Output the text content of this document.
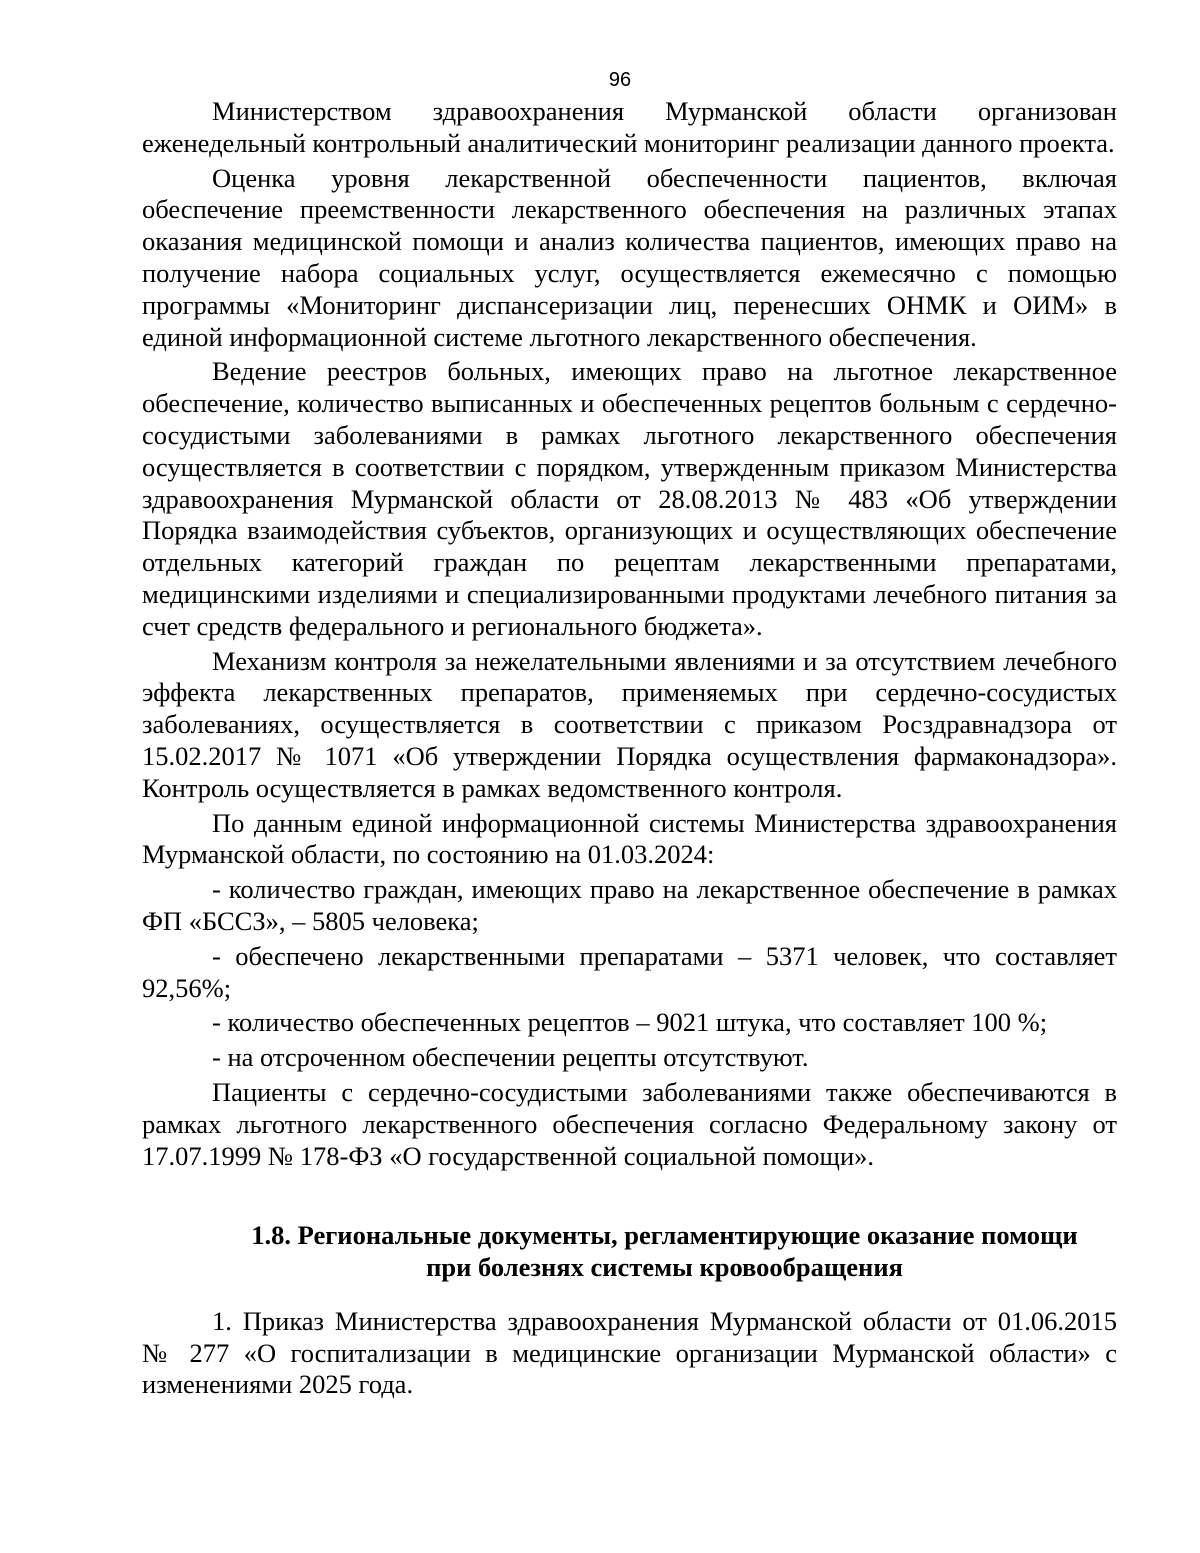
96

Министерством здравоохранения Мурманской области организован еженедельный контрольный аналитический мониторинг реализации данного проекта.

Оценка уровня лекарственной обеспеченности пациентов, включая обеспечение преемственности лекарственного обеспечения на различных этапах оказания медицинской помощи и анализ количества пациентов, имеющих право на получение набора социальных услуг, осуществляется ежемесячно с помощью программы «Мониторинг диспансеризации лиц, перенесших ОНМК и ОИМ» в единой информационной системе льготного лекарственного обеспечения.

Ведение реестров больных, имеющих право на льготное лекарственное обеспечение, количество выписанных и обеспеченных рецептов больным с сердечно-сосудистыми заболеваниями в рамках льготного лекарственного обеспечения осуществляется в соответствии с порядком, утвержденным приказом Министерства здравоохранения Мурманской области от 28.08.2013 № 483 «Об утверждении Порядка взаимодействия субъектов, организующих и осуществляющих обеспечение отдельных категорий граждан по рецептам лекарственными препаратами, медицинскими изделиями и специализированными продуктами лечебного питания за счет средств федерального и регионального бюджета».

Механизм контроля за нежелательными явлениями и за отсутствием лечебного эффекта лекарственных препаратов, применяемых при сердечно-сосудистых заболеваниях, осуществляется в соответствии с приказом Росздравнадзора от 15.02.2017 № 1071 «Об утверждении Порядка осуществления фармаконадзора». Контроль осуществляется в рамках ведомственного контроля.

По данным единой информационной системы Министерства здравоохранения Мурманской области, по состоянию на 01.03.2024:

- количество граждан, имеющих право на лекарственное обеспечение в рамках ФП «БССЗ», – 5805 человека;

- обеспечено лекарственными препаратами – 5371 человек, что составляет 92,56%;

- количество обеспеченных рецептов – 9021 штука, что составляет 100 %;

- на отсроченном обеспечении рецепты отсутствуют.

Пациенты с сердечно-сосудистыми заболеваниями также обеспечиваются в рамках льготного лекарственного обеспечения согласно Федеральному закону от 17.07.1999 № 178-ФЗ «О государственной социальной помощи».

1.8. Региональные документы, регламентирующие оказание помощи
при болезнях системы кровообращения

1. Приказ Министерства здравоохранения Мурманской области от 01.06.2015 № 277 «О госпитализации в медицинские организации Мурманской области» с изменениями 2025 года.
